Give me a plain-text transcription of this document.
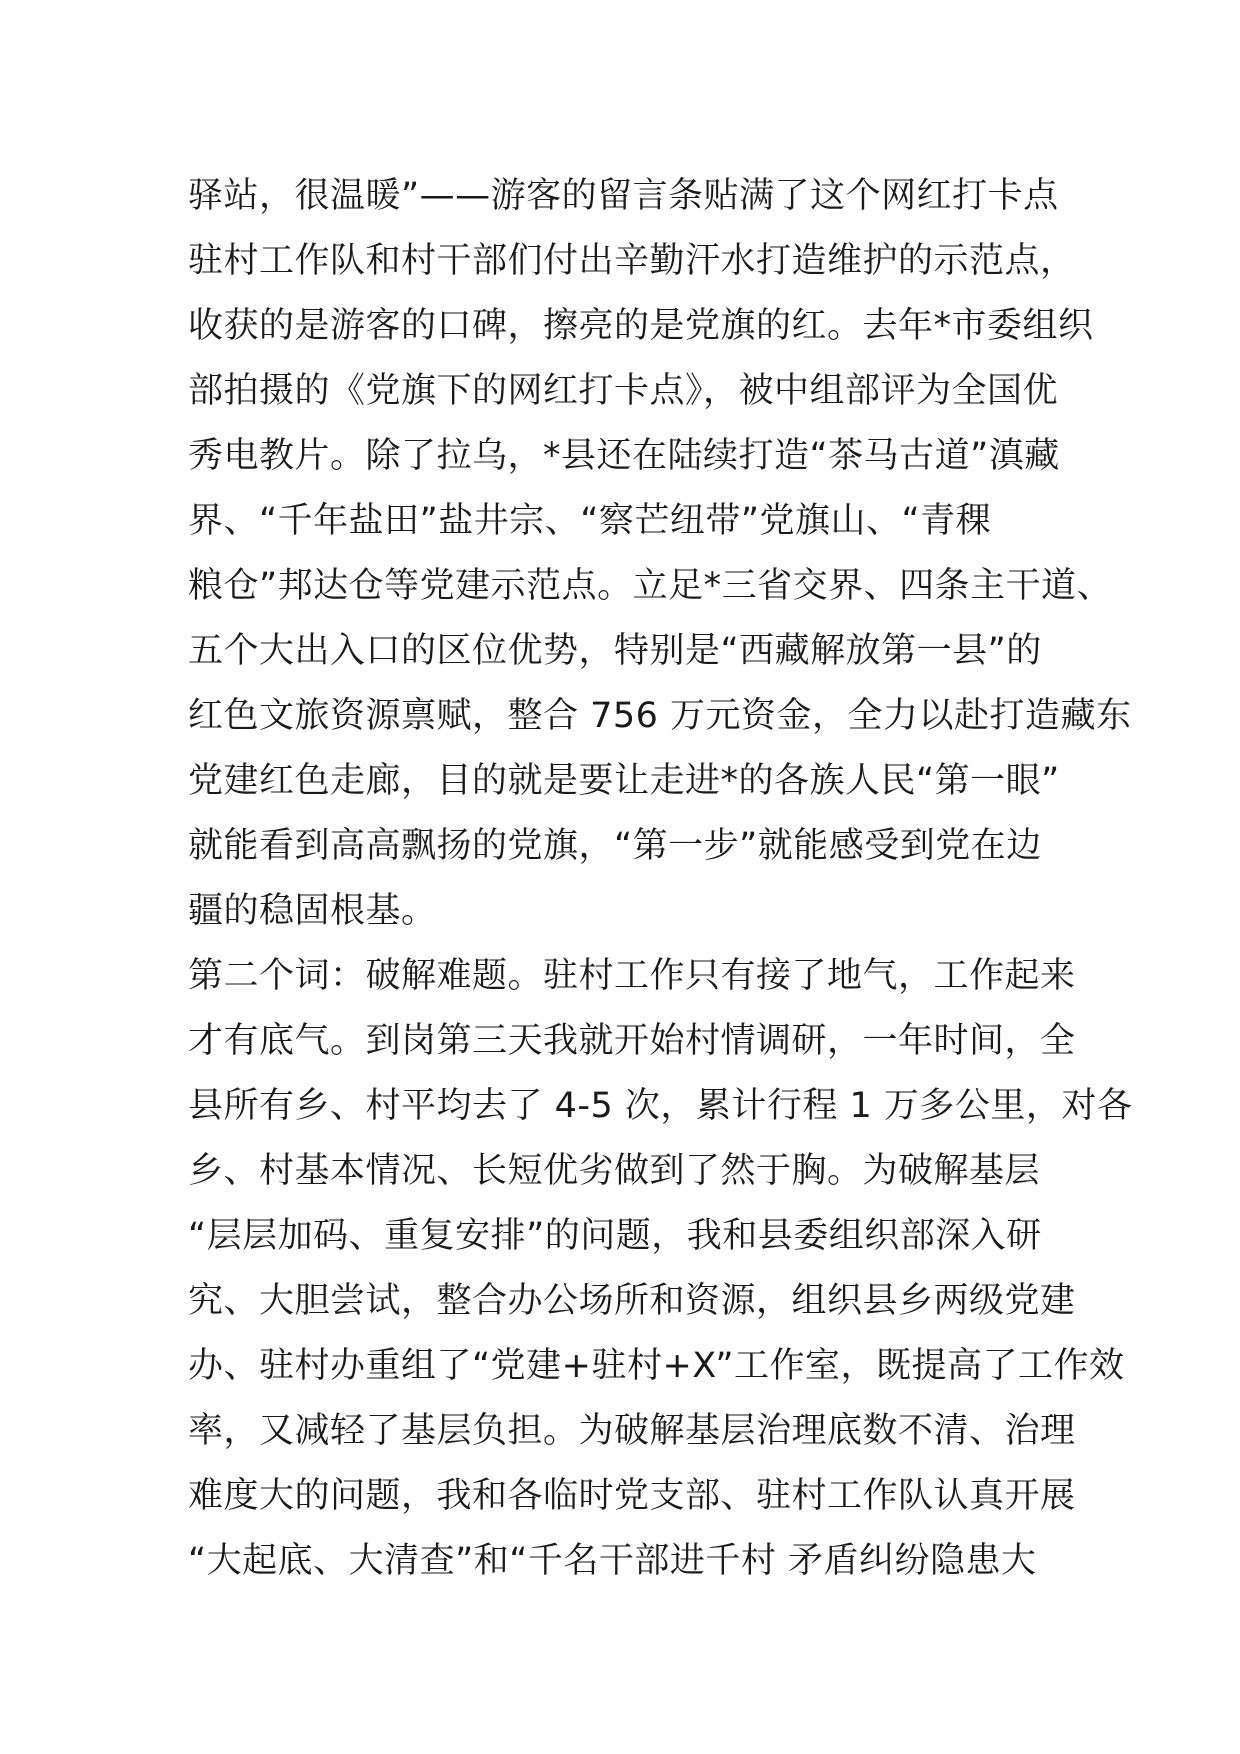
驿站，很温暖”——游客的留言条贴满了这个网红打卡点
驻村工作队和村干部们付出辛勤汗水打造维护的示范点，
收获的是游客的口碑，擦亮的是党旗的红。去年*市委组织
部拍摄的《党旗下的网红打卡点》，被中组部评为全国优
秀电教片。除了拉乌，*县还在陆续打造“茶马古道”滇藏
界、“千年盐田”盐井宗、“察芒纽带”党旗山、“青稞
粮仓”邦达仓等党建示范点。立足*三省交界、四条主干道、
五个大出入口的区位优势，特别是“西藏解放第一县”的
红色文旅资源禀赋，整合 756 万元资金，全力以赴打造藏东
党建红色走廊，目的就是要让走进*的各族人民“第一眼”
就能看到高高飘扬的党旗，“第一步”就能感受到党在边
疆的稳固根基。
第二个词：破解难题。驻村工作只有接了地气，工作起来
才有底气。到岗第三天我就开始村情调研，一年时间，全
县所有乡、村平均去了 4-5 次，累计行程 1 万多公里，对各
乡、村基本情况、长短优劣做到了然于胸。为破解基层
“层层加码、重复安排”的问题，我和县委组织部深入研
究、大胆尝试，整合办公场所和资源，组织县乡两级党建
办、驻村办重组了“党建+驻村+X”工作室，既提高了工作效
率，又减轻了基层负担。为破解基层治理底数不清、治理
难度大的问题，我和各临时党支部、驻村工作队认真开展
“大起底、大清查”和“千名干部进千村 矛盾纠纷隐患大
